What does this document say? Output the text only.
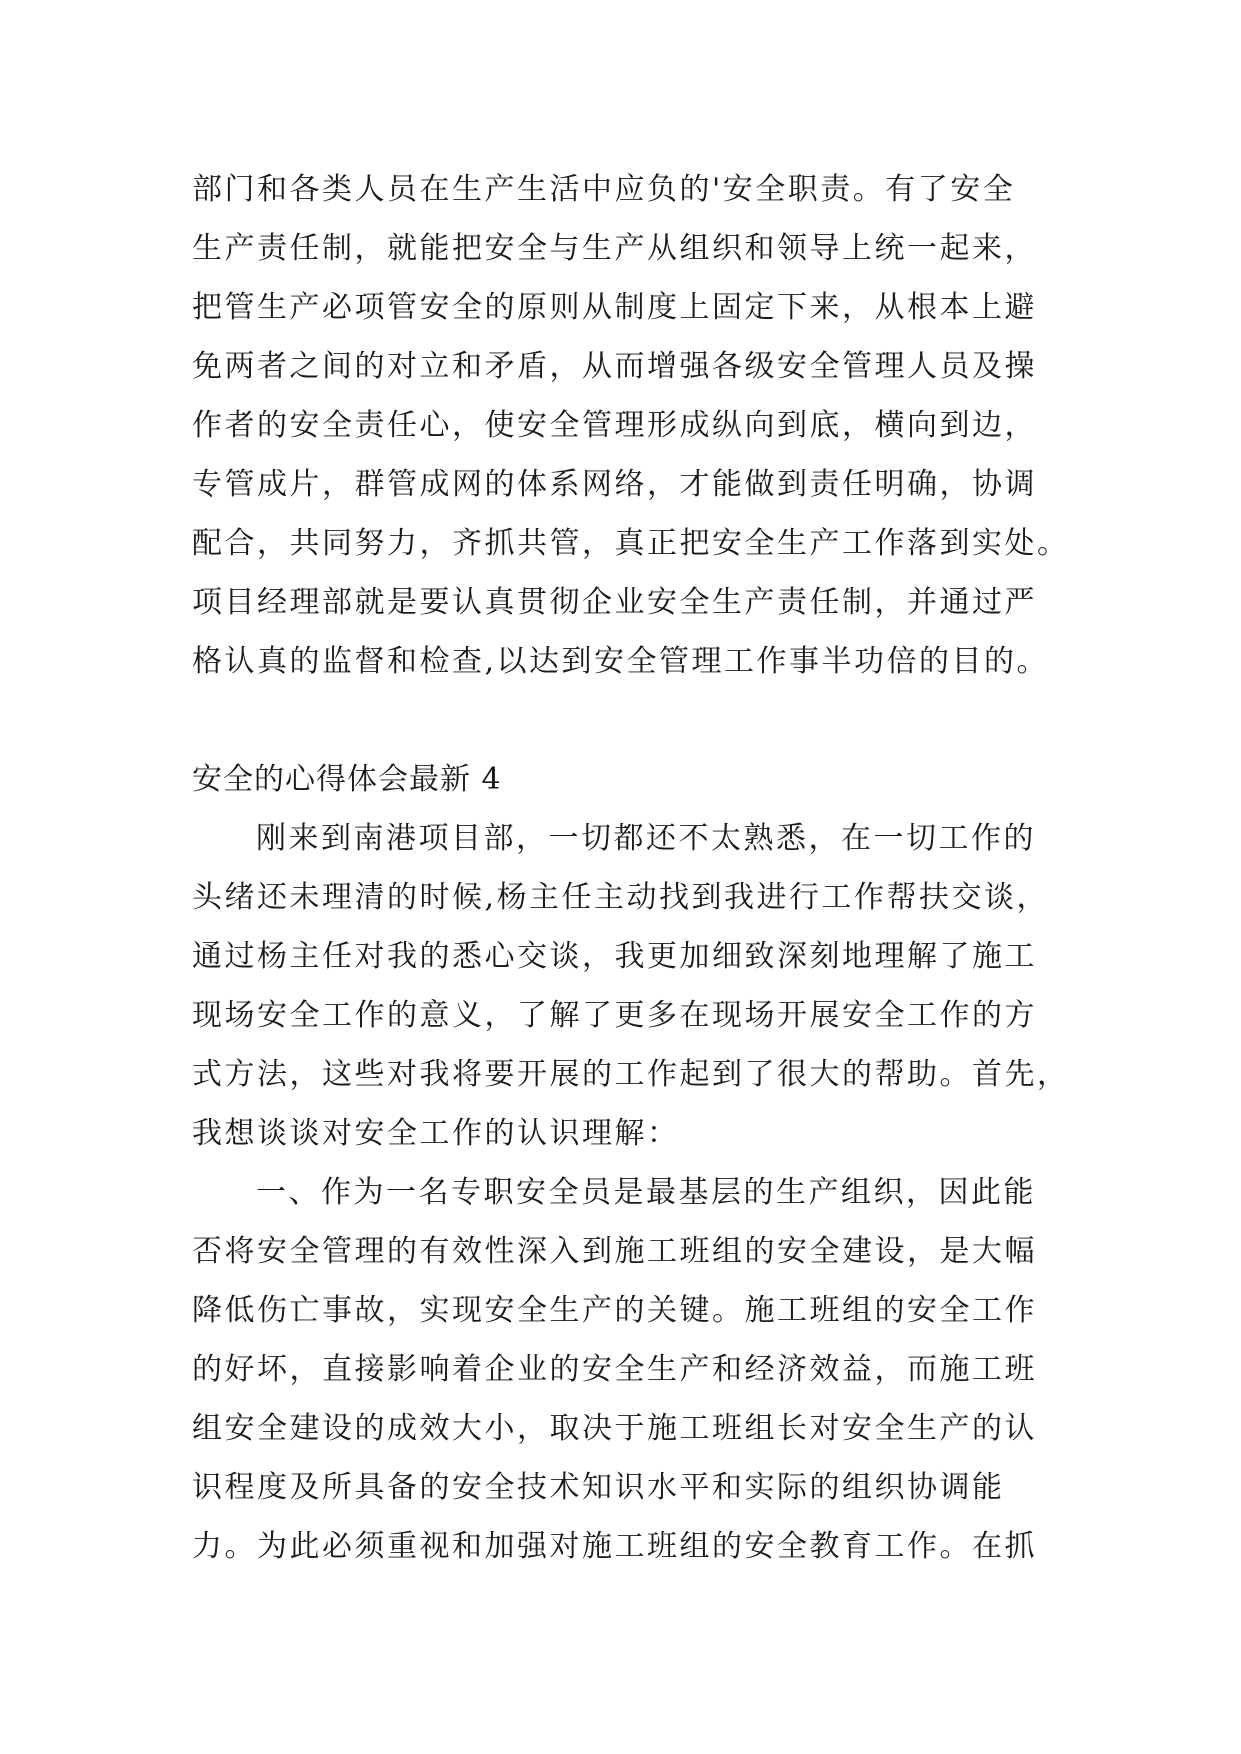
部门和各类人员在生产生活中应负的'安全职责。有了安全
生产责任制，就能把安全与生产从组织和领导上统一起来，
把管生产必项管安全的原则从制度上固定下来，从根本上避
免两者之间的对立和矛盾，从而增强各级安全管理人员及操
作者的安全责任心，使安全管理形成纵向到底，横向到边，
专管成片，群管成网的体系网络，才能做到责任明确，协调
配合，共同努力，齐抓共管，真正把安全生产工作落到实处。
项目经理部就是要认真贯彻企业安全生产责任制，并通过严
格认真的监督和检查,以达到安全管理工作事半功倍的目的。

安全的心得体会最新 4

刚来到南港项目部，一切都还不太熟悉，在一切工作的
头绪还未理清的时候,杨主任主动找到我进行工作帮扶交谈，
通过杨主任对我的悉心交谈，我更加细致深刻地理解了施工
现场安全工作的意义，了解了更多在现场开展安全工作的方
式方法，这些对我将要开展的工作起到了很大的帮助。首先，
我想谈谈对安全工作的认识理解：

一、作为一名专职安全员是最基层的生产组织，因此能
否将安全管理的有效性深入到施工班组的安全建设，是大幅
降低伤亡事故，实现安全生产的关键。施工班组的安全工作
的好坏，直接影响着企业的安全生产和经济效益，而施工班
组安全建设的成效大小，取决于施工班组长对安全生产的认
识程度及所具备的安全技术知识水平和实际的组织协调能
力。为此必须重视和加强对施工班组的安全教育工作。在抓
